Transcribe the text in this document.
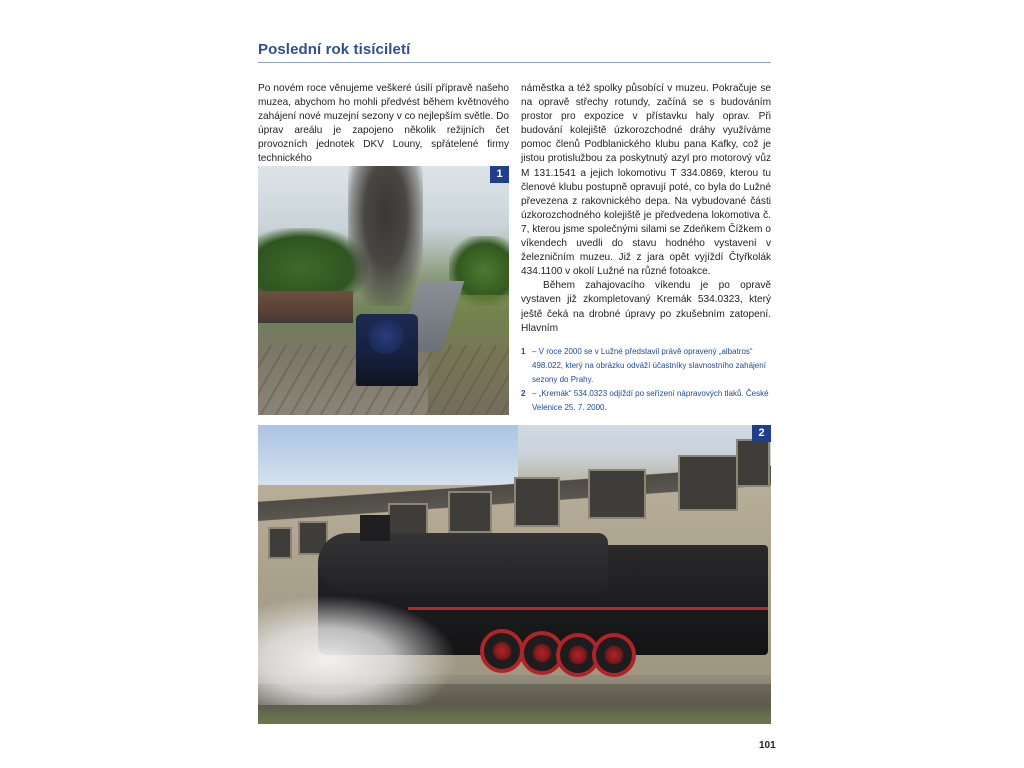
Poslední rok tisíciletí

Po novém roce věnujeme veškeré úsilí přípravě našeho muzea, abychom ho mohli předvést během květnového zahájení nové muzejní sezony v co nejlepším světle. Do úprav areálu je zapojeno několik režijních čet provozních jednotek DKV Louny, spřátelené firmy technického

náměstka a též spolky působící v muzeu. Pokračuje se na opravě střechy rotundy, začíná se s budováním prostor pro expozice v přístavku haly oprav. Při budování kolejiště úzkorozchodné dráhy využíváme pomoc členů Podblanického klubu pana Kafky, což je jistou protislužbou za poskytnutý azyl pro motorový vůz M 131.1541 a jejich lokomotivu T 334.0869, kterou tu členové klubu postupně opravují poté, co byla do Lužné převezena z rakovnického depa. Na vybudované části úzkorozchodného kolejiště je předvedena lokomotiva č. 7, kterou jsme společnými silami se Zdeňkem Čížkem o víkendech uvedli do stavu hodného vystavení v železničním muzeu. Již z jara opět vyjíždí Čtyřkolák 434.1100 v okolí Lužné na různé fotoakce.

Během zahajovacího víkendu je po opravě vystaven již zkompletovaný Kremák 534.0323, který ještě čeká na drobné úpravy po zkušebním zatopení. Hlavním

1

1 – V roce 2000 se v Lužné představil právě opravený „albatros“ 498.022, který na obrázku odváží účastníky slavnostního zahájení sezony do Prahy.

2 – „Kremák“ 534.0323 odjíždí po seřízení nápravových tlaků. České Velenice 25. 7. 2000.

2
101
